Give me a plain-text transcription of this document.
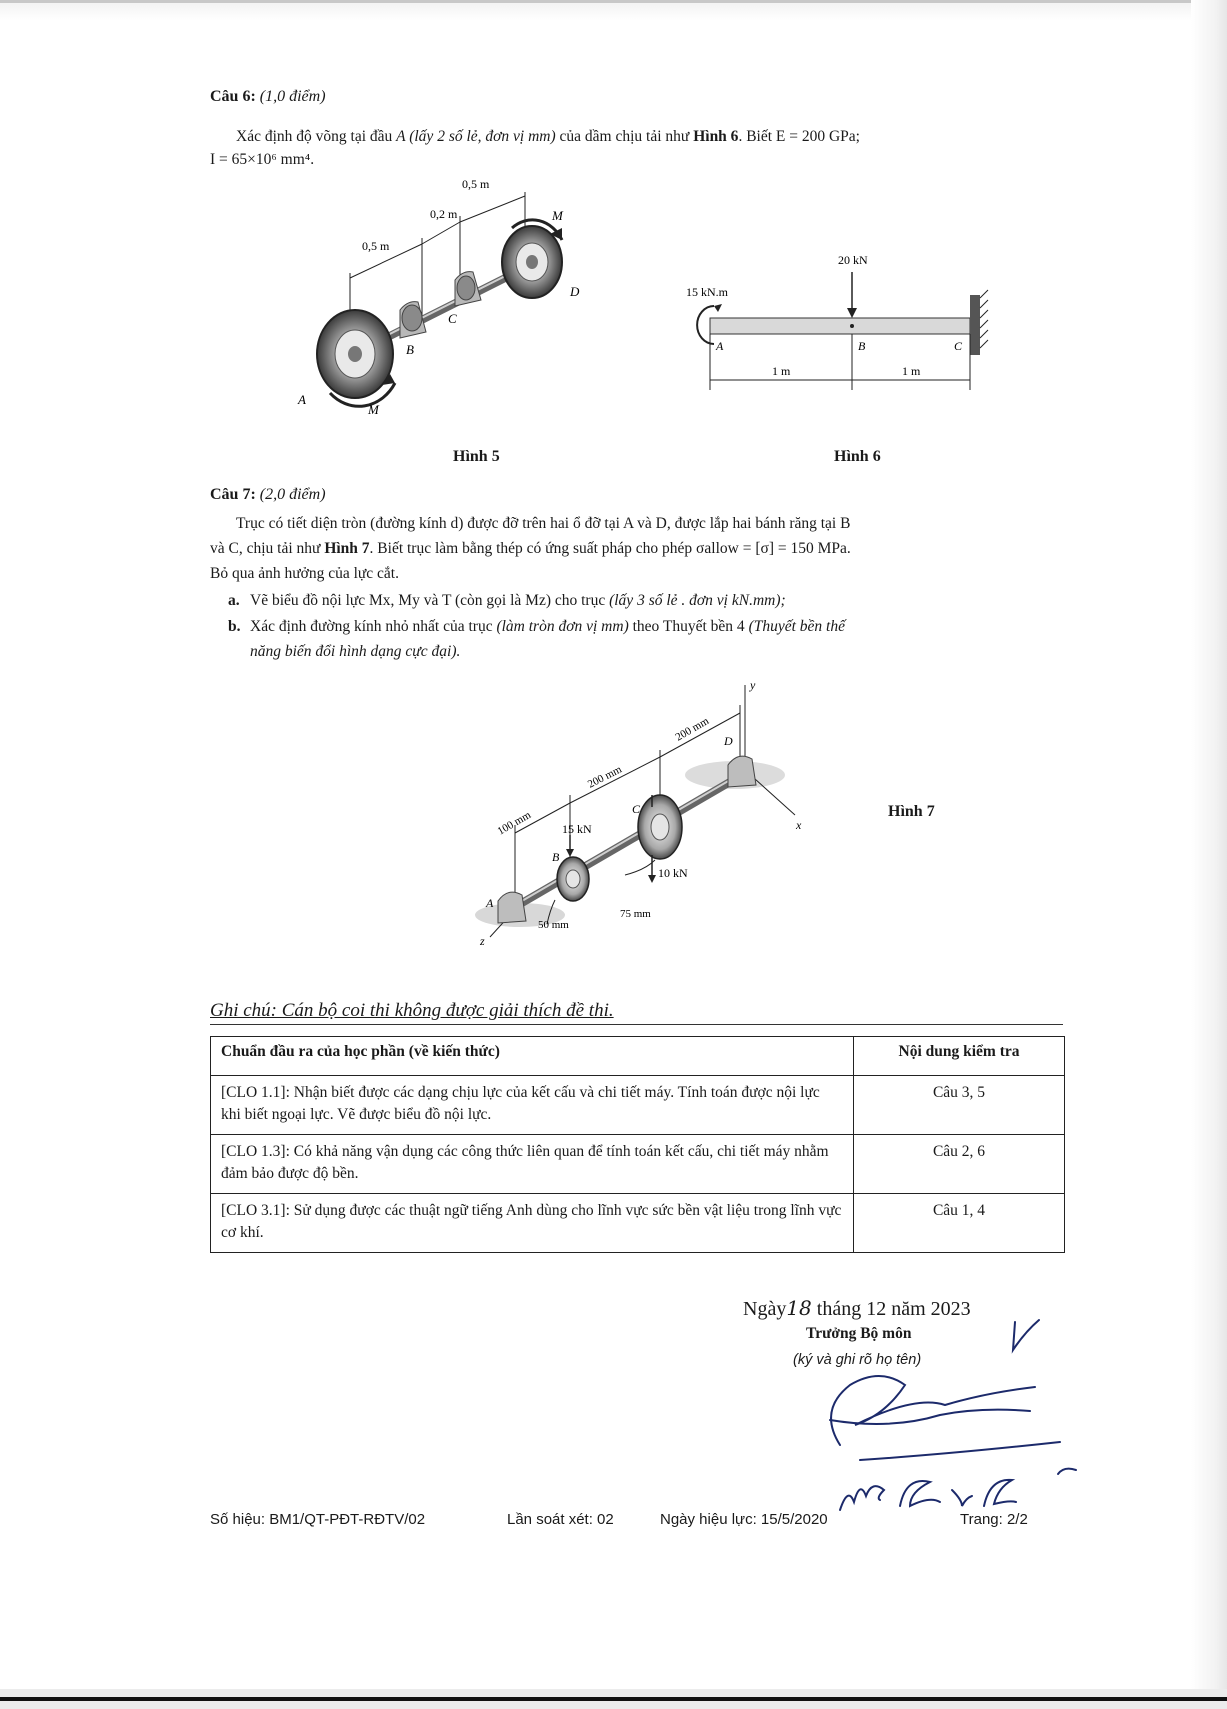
Câu 6: (1,0 điểm)
Xác định độ võng tại đầu A (lấy 2 số lẻ, đơn vị mm) của dầm chịu tải như Hình 6. Biết E = 200 GPa;
I = 65×10⁶ mm⁴.
0,5 m
0,2 m
0,5 m
A
B
C
D
M
M
Hình 5
20 kN
15 kN.m
A	B	C
1 m	1 m
Hình 6
Câu 7: (2,0 điểm)
Trục có tiết diện tròn (đường kính d) được đỡ trên hai ổ đỡ tại A và D, được lắp hai bánh răng tại B
và C, chịu tải như Hình 7. Biết trục làm bằng thép có ứng suất pháp cho phép σallow = [σ] = 150 MPa.
Bỏ qua ảnh hưởng của lực cắt.
a. Vẽ biểu đồ nội lực Mx, My và T (còn gọi là Mz) cho trục (lấy 3 số lẻ . đơn vị kN.mm);
b. Xác định đường kính nhỏ nhất của trục (làm tròn đơn vị mm) theo Thuyết bền 4 (Thuyết bền thế
năng biến đổi hình dạng cực đại).
100 mm
200 mm
200 mm
15 kN
10 kN
50 mm
75 mm
A
B
C
D
x
y
z
Hình 7
Ghi chú: Cán bộ coi thi không được giải thích đề thi.
Chuẩn đầu ra của học phần (về kiến thức)	Nội dung kiểm tra
[CLO 1.1]: Nhận biết được các dạng chịu lực của kết cấu và chi tiết máy. Tính toán được nội lực khi biết ngoại lực. Vẽ được biểu đồ nội lực.	Câu 3, 5
[CLO 1.3]: Có khả năng vận dụng các công thức liên quan để tính toán kết cấu, chi tiết máy nhằm đảm bảo được độ bền.	Câu 2, 6
[CLO 3.1]: Sử dụng được các thuật ngữ tiếng Anh dùng cho lĩnh vực sức bền vật liệu trong lĩnh vực cơ khí.	Câu 1, 4
Ngày18 tháng 12 năm 2023
Trưởng Bộ môn
(ký và ghi rõ họ tên)
Số hiệu: BM1/QT-PĐT-RĐTV/02	Lần soát xét: 02	Ngày hiệu lực: 15/5/2020	Trang: 2/2
